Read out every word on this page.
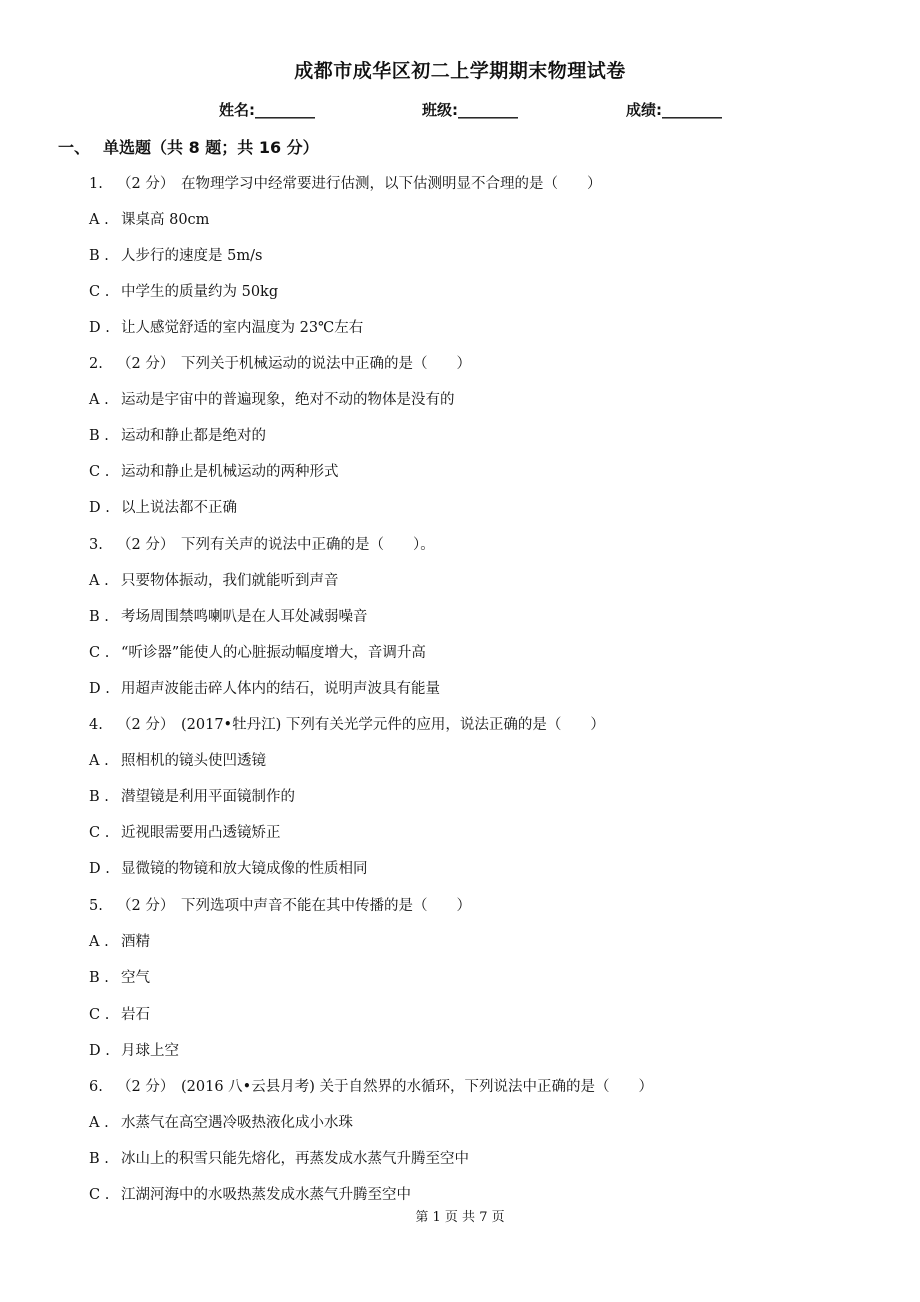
成都市成华区初二上学期期末物理试卷
姓名:________	班级:________	成绩:________
一、 单选题（共 8 题；共 16 分）
1. （2 分） 在物理学习中经常要进行估测，以下估测明显不合理的是（　　）
A . 课桌高 80cm
B . 人步行的速度是 5m/s
C . 中学生的质量约为 50kg
D . 让人感觉舒适的室内温度为 23℃左右
2. （2 分） 下列关于机械运动的说法中正确的是（　　）
A . 运动是宇宙中的普遍现象，绝对不动的物体是没有的
B . 运动和静止都是绝对的
C . 运动和静止是机械运动的两种形式
D . 以上说法都不正确
3. （2 分） 下列有关声的说法中正确的是（　　）。
A . 只要物体振动，我们就能听到声音
B . 考场周围禁鸣喇叭是在人耳处减弱噪音
C . “听诊器”能使人的心脏振动幅度增大，音调升高
D . 用超声波能击碎人体内的结石，说明声波具有能量
4. （2 分） (2017•牡丹江) 下列有关光学元件的应用，说法正确的是（　　）
A . 照相机的镜头使凹透镜
B . 潜望镜是利用平面镜制作的
C . 近视眼需要用凸透镜矫正
D . 显微镜的物镜和放大镜成像的性质相同
5. （2 分） 下列选项中声音不能在其中传播的是（　　）
A . 酒精
B . 空气
C . 岩石
D . 月球上空
6. （2 分） (2016 八•云县月考) 关于自然界的水循环，下列说法中正确的是（　　）
A . 水蒸气在高空遇冷吸热液化成小水珠
B . 冰山上的积雪只能先熔化，再蒸发成水蒸气升腾至空中
C . 江湖河海中的水吸热蒸发成水蒸气升腾至空中
第 1 页 共 7 页
